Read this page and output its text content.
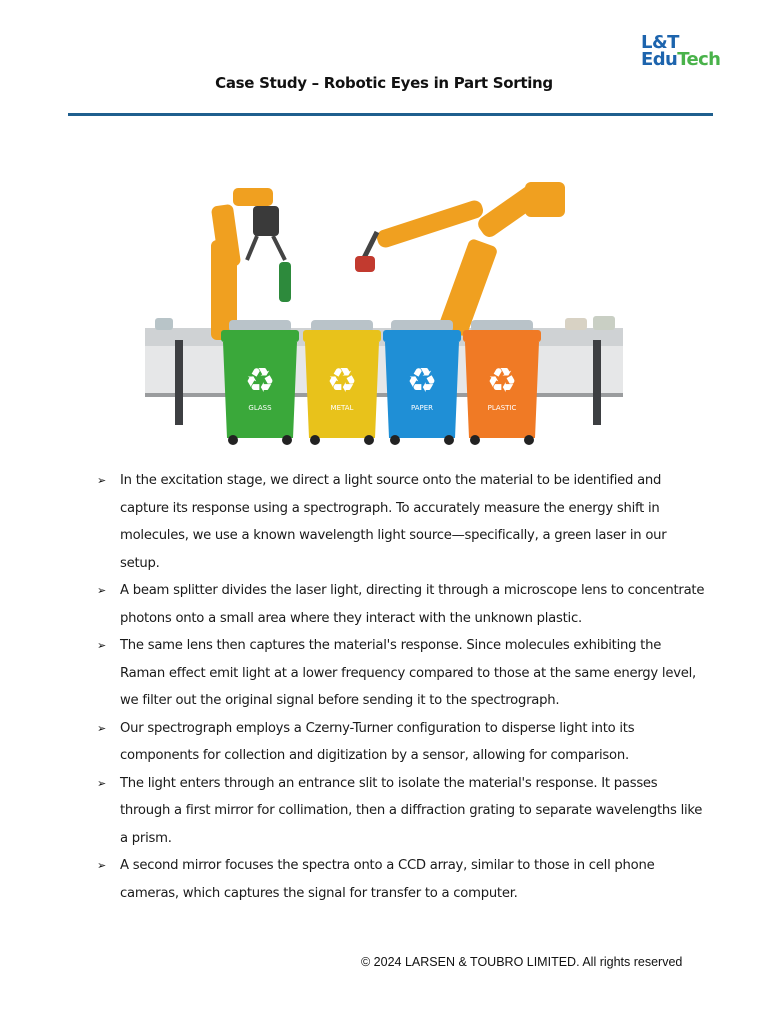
L&T
EduTech
Case Study – Robotic Eyes in Part Sorting
♻
GLASS
♻
METAL
♻
PAPER
♻
PLASTIC
➢ In the excitation stage, we direct a light source onto the material to be identified and capture its response using a spectrograph. To accurately measure the energy shift in molecules, we use a known wavelength light source—specifically, a green laser in our setup.
➢ A beam splitter divides the laser light, directing it through a microscope lens to concentrate photons onto a small area where they interact with the unknown plastic.
➢ The same lens then captures the material's response. Since molecules exhibiting the Raman effect emit light at a lower frequency compared to those at the same energy level, we filter out the original signal before sending it to the spectrograph.
➢ Our spectrograph employs a Czerny-Turner configuration to disperse light into its components for collection and digitization by a sensor, allowing for comparison.
➢ The light enters through an entrance slit to isolate the material's response. It passes through a first mirror for collimation, then a diffraction grating to separate wavelengths like a prism.
➢ A second mirror focuses the spectra onto a CCD array, similar to those in cell phone cameras, which captures the signal for transfer to a computer.
© 2024 LARSEN & TOUBRO LIMITED. All rights reserved
